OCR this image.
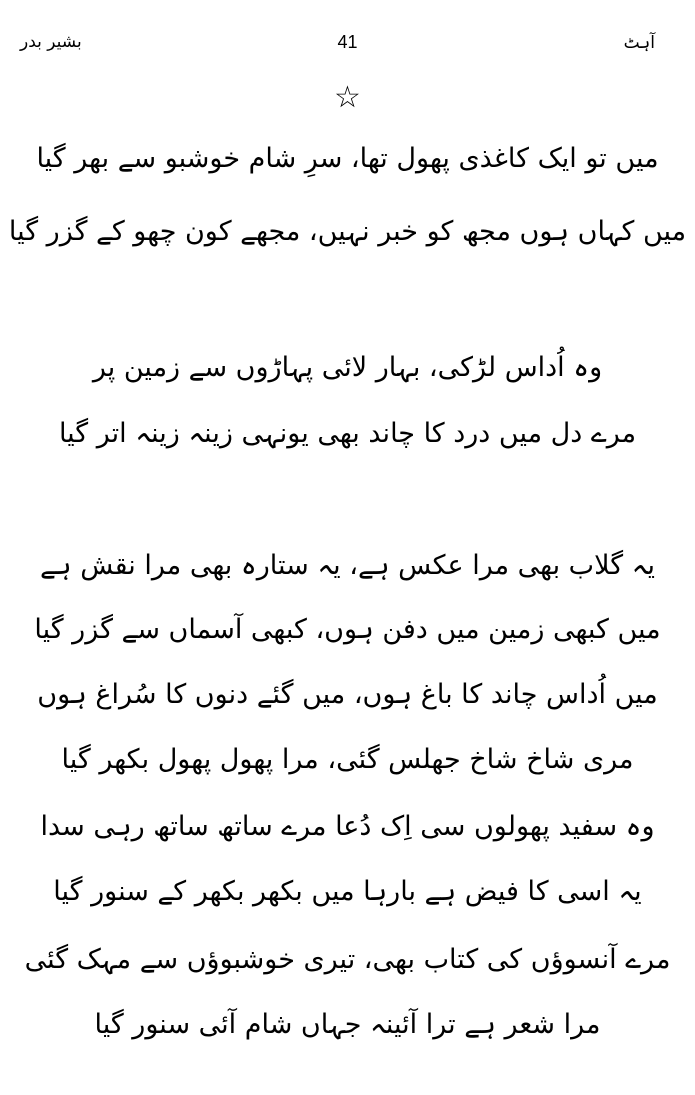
بشیر بدر	41	آہٹ
☆
میں تو ایک کاغذی پھول تھا، سرِ شام خوشبو سے بھر گیا
میں کہاں ہوں مجھ کو خبر نہیں، مجھے کون چھو کے گزر گیا
وہ اُداس لڑکی، بہار لائی پہاڑوں سے زمین پر
مرے دل میں درد کا چاند بھی یونہی زینہ زینہ اتر گیا
یہ گلاب بھی مرا عکس ہے، یہ ستارہ بھی مرا نقش ہے
میں کبھی زمین میں دفن ہوں، کبھی آسماں سے گزر گیا
میں اُداس چاند کا باغ ہوں، میں گئے دنوں کا سُراغ ہوں
مری شاخ شاخ جھلس گئی، مرا پھول پھول بکھر گیا
وہ سفید پھولوں سی اِک دُعا مرے ساتھ ساتھ رہی سدا
یہ اسی کا فیض ہے بارہا میں بکھر بکھر کے سنور گیا
مرے آنسوؤں کی کتاب بھی، تیری خوشبوؤں سے مہک گئی
مرا شعر ہے ترا آئینہ جہاں شام آئی سنور گیا
